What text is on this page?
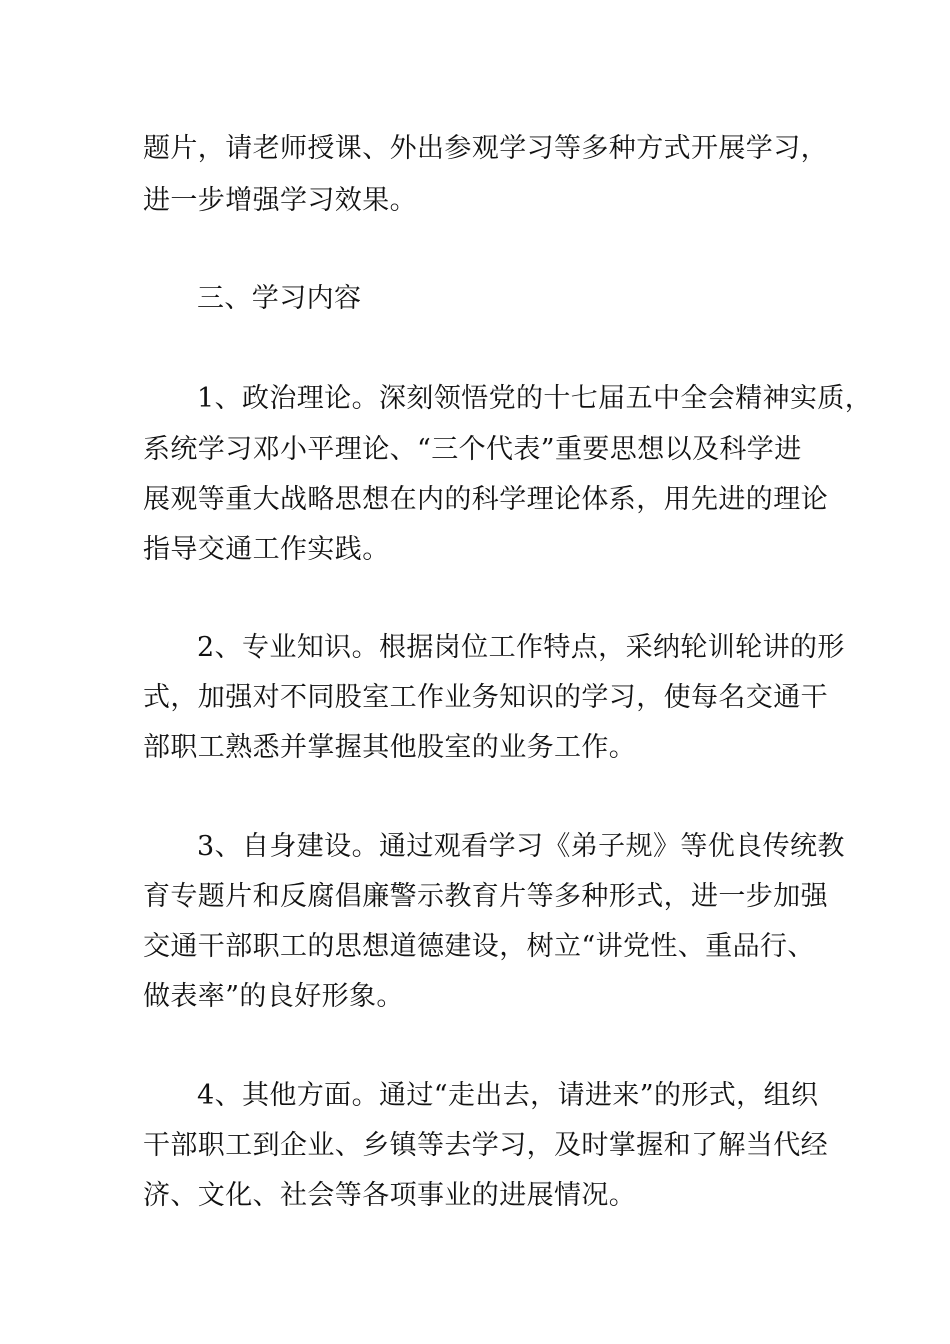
题片，请老师授课、外出参观学习等多种方式开展学习，
进一步增强学习效果。
三、学习内容
1、政治理论。深刻领悟党的十七届五中全会精神实质，
系统学习邓小平理论、“三个代表”重要思想以及科学进
展观等重大战略思想在内的科学理论体系，用先进的理论
指导交通工作实践。
2、专业知识。根据岗位工作特点，采纳轮训轮讲的形
式，加强对不同股室工作业务知识的学习，使每名交通干
部职工熟悉并掌握其他股室的业务工作。
3、自身建设。通过观看学习《弟子规》等优良传统教
育专题片和反腐倡廉警示教育片等多种形式，进一步加强
交通干部职工的思想道德建设，树立“讲党性、重品行、
做表率”的良好形象。
4、其他方面。通过“走出去，请进来”的形式，组织
干部职工到企业、乡镇等去学习，及时掌握和了解当代经
济、文化、社会等各项事业的进展情况。
